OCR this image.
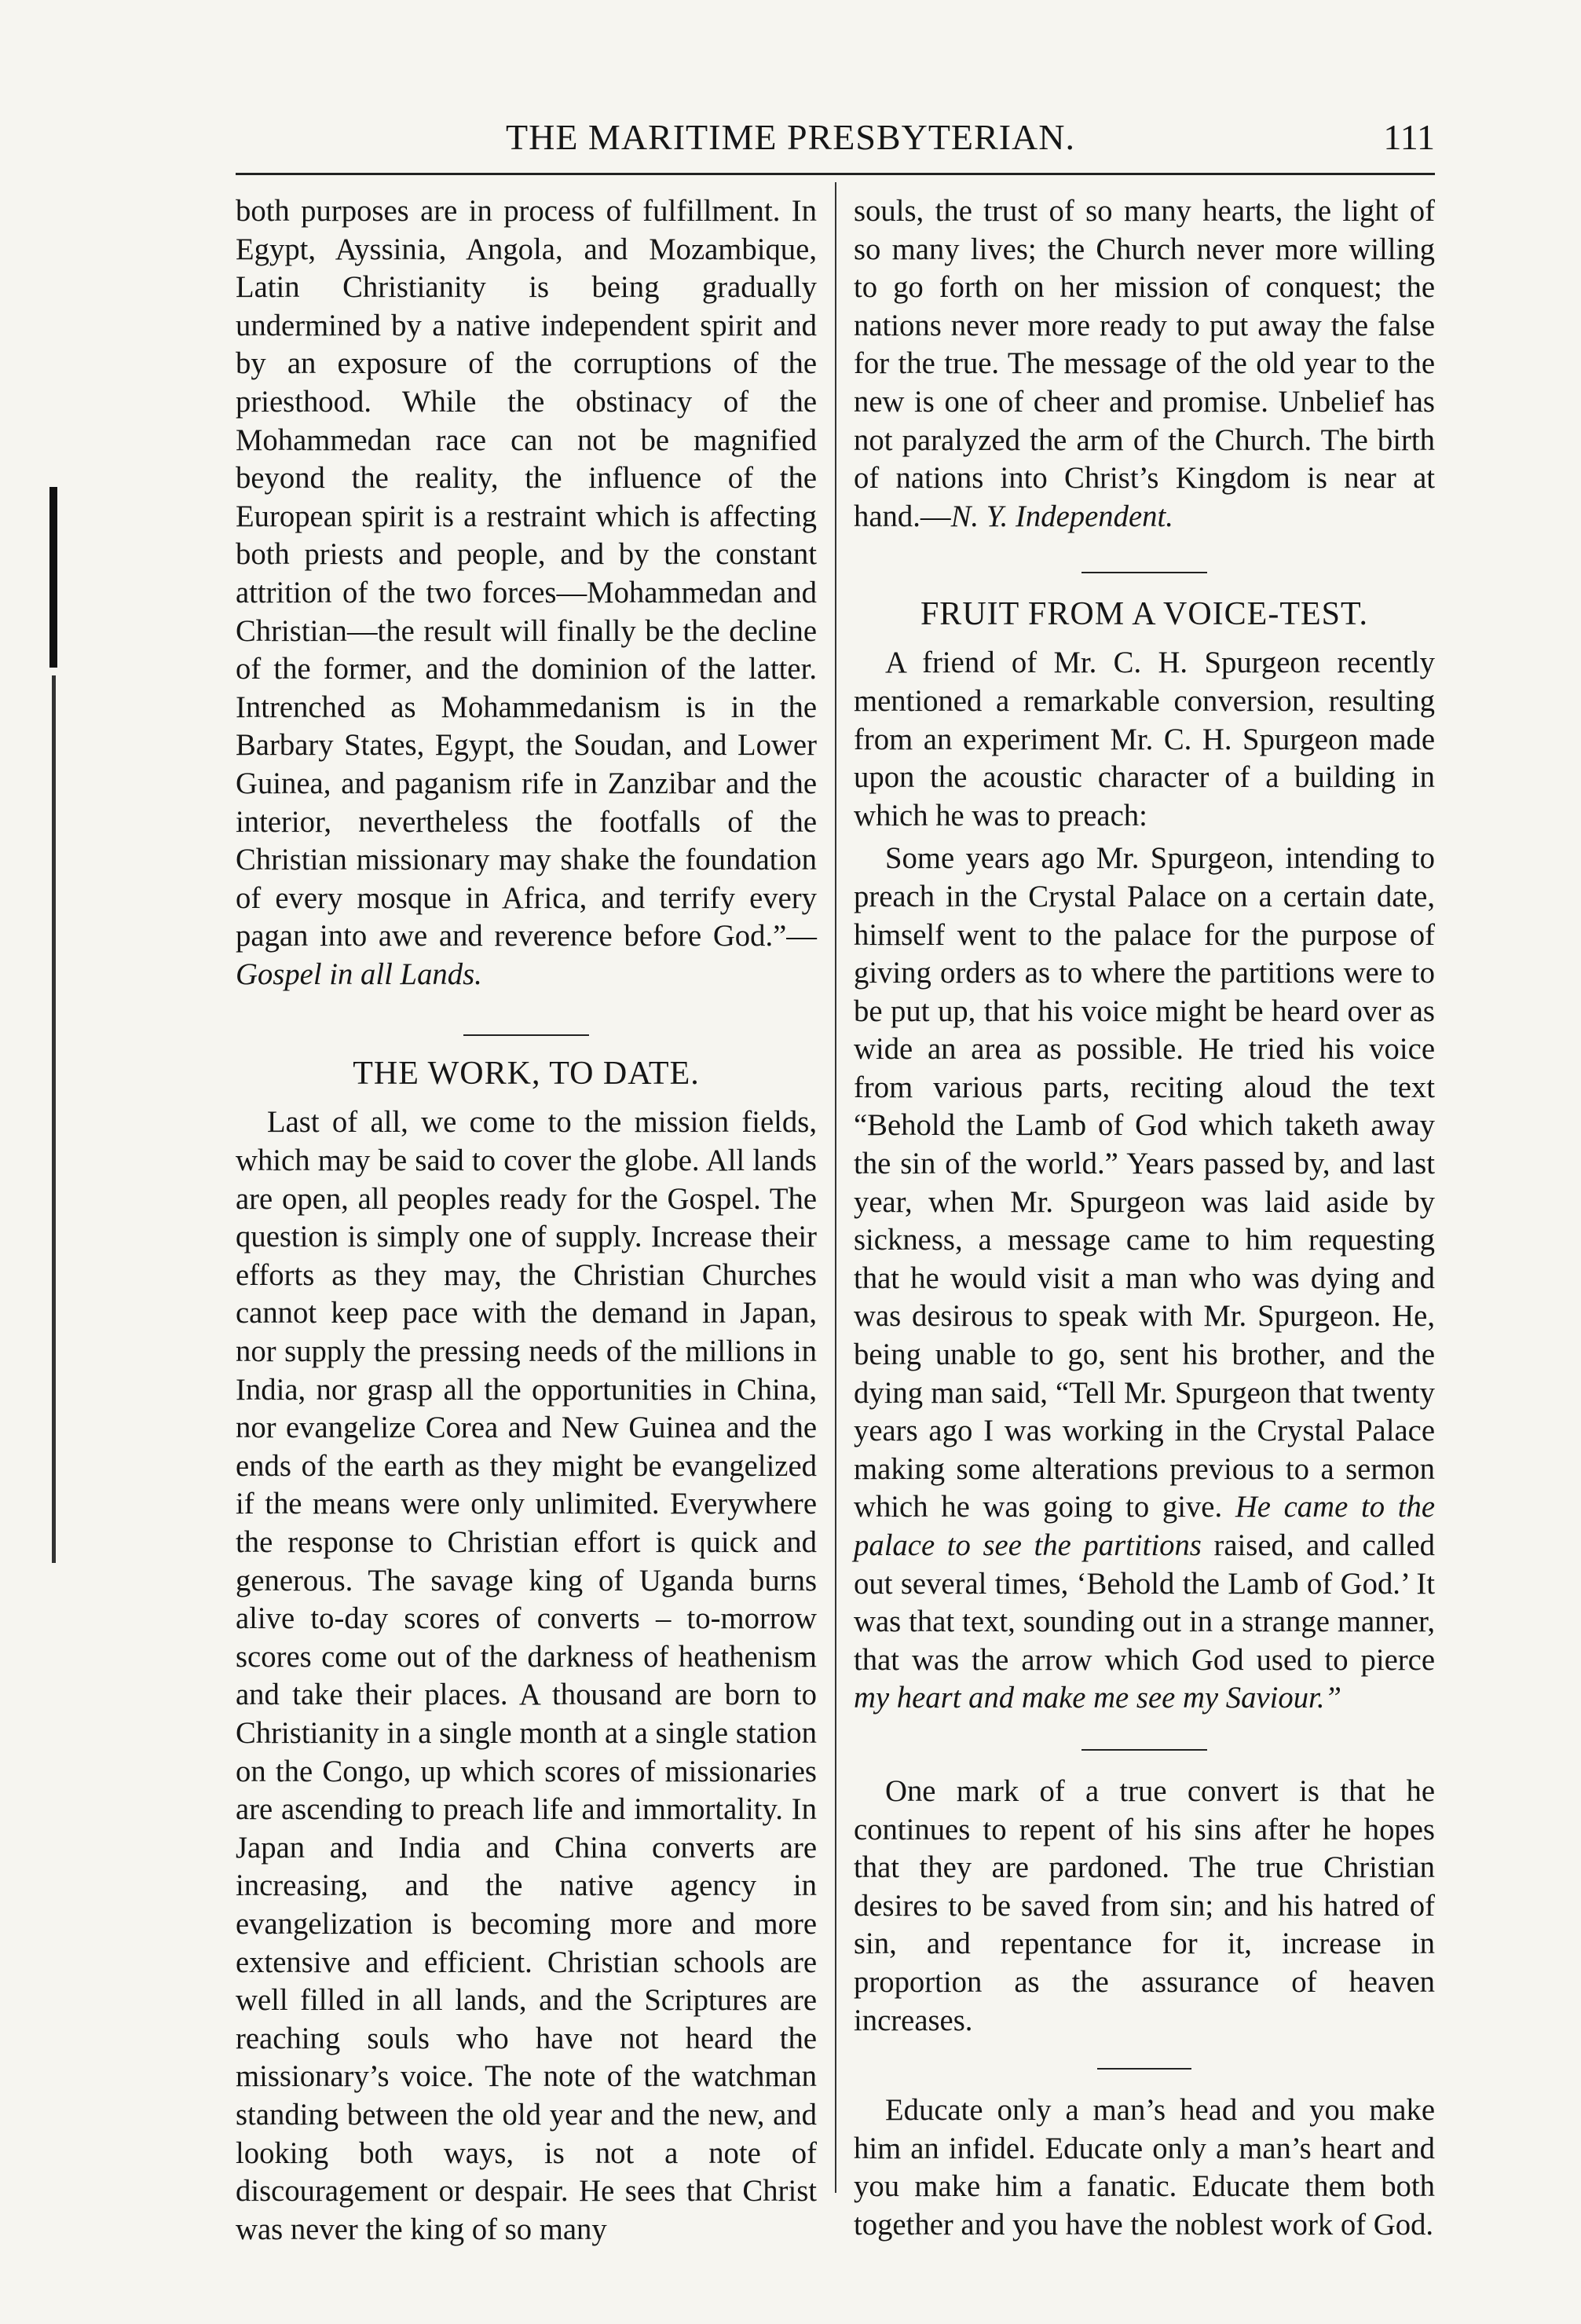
THE MARITIME PRESBYTERIAN.	111

both purposes are in process of fulfillment. In Egypt, Ayssinia, Angola, and Mozambique, Latin Christianity is being gradually undermined by a native independent spirit and by an exposure of the corruptions of the priesthood. While the obstinacy of the Mohammedan race can not be magnified beyond the reality, the influence of the European spirit is a restraint which is affecting both priests and people, and by the constant attrition of the two forces—Mohammedan and Christian—the result will finally be the decline of the former, and the dominion of the latter. Intrenched as Mohammedanism is in the Barbary States, Egypt, the Soudan, and Lower Guinea, and paganism rife in Zanzibar and the interior, nevertheless the footfalls of the Christian missionary may shake the foundation of every mosque in Africa, and terrify every pagan into awe and reverence before God.”—Gospel in all Lands.

THE WORK, TO DATE.

Last of all, we come to the mission fields, which may be said to cover the globe. All lands are open, all peoples ready for the Gospel. The question is simply one of supply. Increase their efforts as they may, the Christian Churches cannot keep pace with the demand in Japan, nor supply the pressing needs of the millions in India, nor grasp all the opportunities in China, nor evangelize Corea and New Guinea and the ends of the earth as they might be evangelized if the means were only unlimited. Everywhere the response to Christian effort is quick and generous. The savage king of Uganda burns alive to-day scores of converts – to-morrow scores come out of the darkness of heathenism and take their places. A thousand are born to Christianity in a single month at a single station on the Congo, up which scores of missionaries are ascending to preach life and immortality. In Japan and India and China converts are increasing, and the native agency in evangelization is becoming more and more extensive and efficient. Christian schools are well filled in all lands, and the Scriptures are reaching souls who have not heard the missionary’s voice. The note of the watchman standing between the old year and the new, and looking both ways, is not a note of discouragement or despair. He sees that Christ was never the king of so many

souls, the trust of so many hearts, the light of so many lives; the Church never more willing to go forth on her mission of conquest; the nations never more ready to put away the false for the true. The message of the old year to the new is one of cheer and promise. Unbelief has not paralyzed the arm of the Church. The birth of nations into Christ’s Kingdom is near at hand.—N. Y. Independent.

FRUIT FROM A VOICE-TEST.

A friend of Mr. C. H. Spurgeon recently mentioned a remarkable conversion, resulting from an experiment Mr. C. H. Spurgeon made upon the acoustic character of a building in which he was to preach:

Some years ago Mr. Spurgeon, intending to preach in the Crystal Palace on a certain date, himself went to the palace for the purpose of giving orders as to where the partitions were to be put up, that his voice might be heard over as wide an area as possible. He tried his voice from various parts, reciting aloud the text “Behold the Lamb of God which taketh away the sin of the world.” Years passed by, and last year, when Mr. Spurgeon was laid aside by sickness, a message came to him requesting that he would visit a man who was dying and was desirous to speak with Mr. Spurgeon. He, being unable to go, sent his brother, and the dying man said, “Tell Mr. Spurgeon that twenty years ago I was working in the Crystal Palace making some alterations previous to a sermon which he was going to give. He came to the palace to see the partitions raised, and called out several times, ‘Behold the Lamb of God.’ It was that text, sounding out in a strange manner, that was the arrow which God used to pierce my heart and make me see my Saviour.”

One mark of a true convert is that he continues to repent of his sins after he hopes that they are pardoned. The true Christian desires to be saved from sin; and his hatred of sin, and repentance for it, increase in proportion as the assurance of heaven increases.

Educate only a man’s head and you make him an infidel. Educate only a man’s heart and you make him a fanatic. Educate them both together and you have the noblest work of God.
